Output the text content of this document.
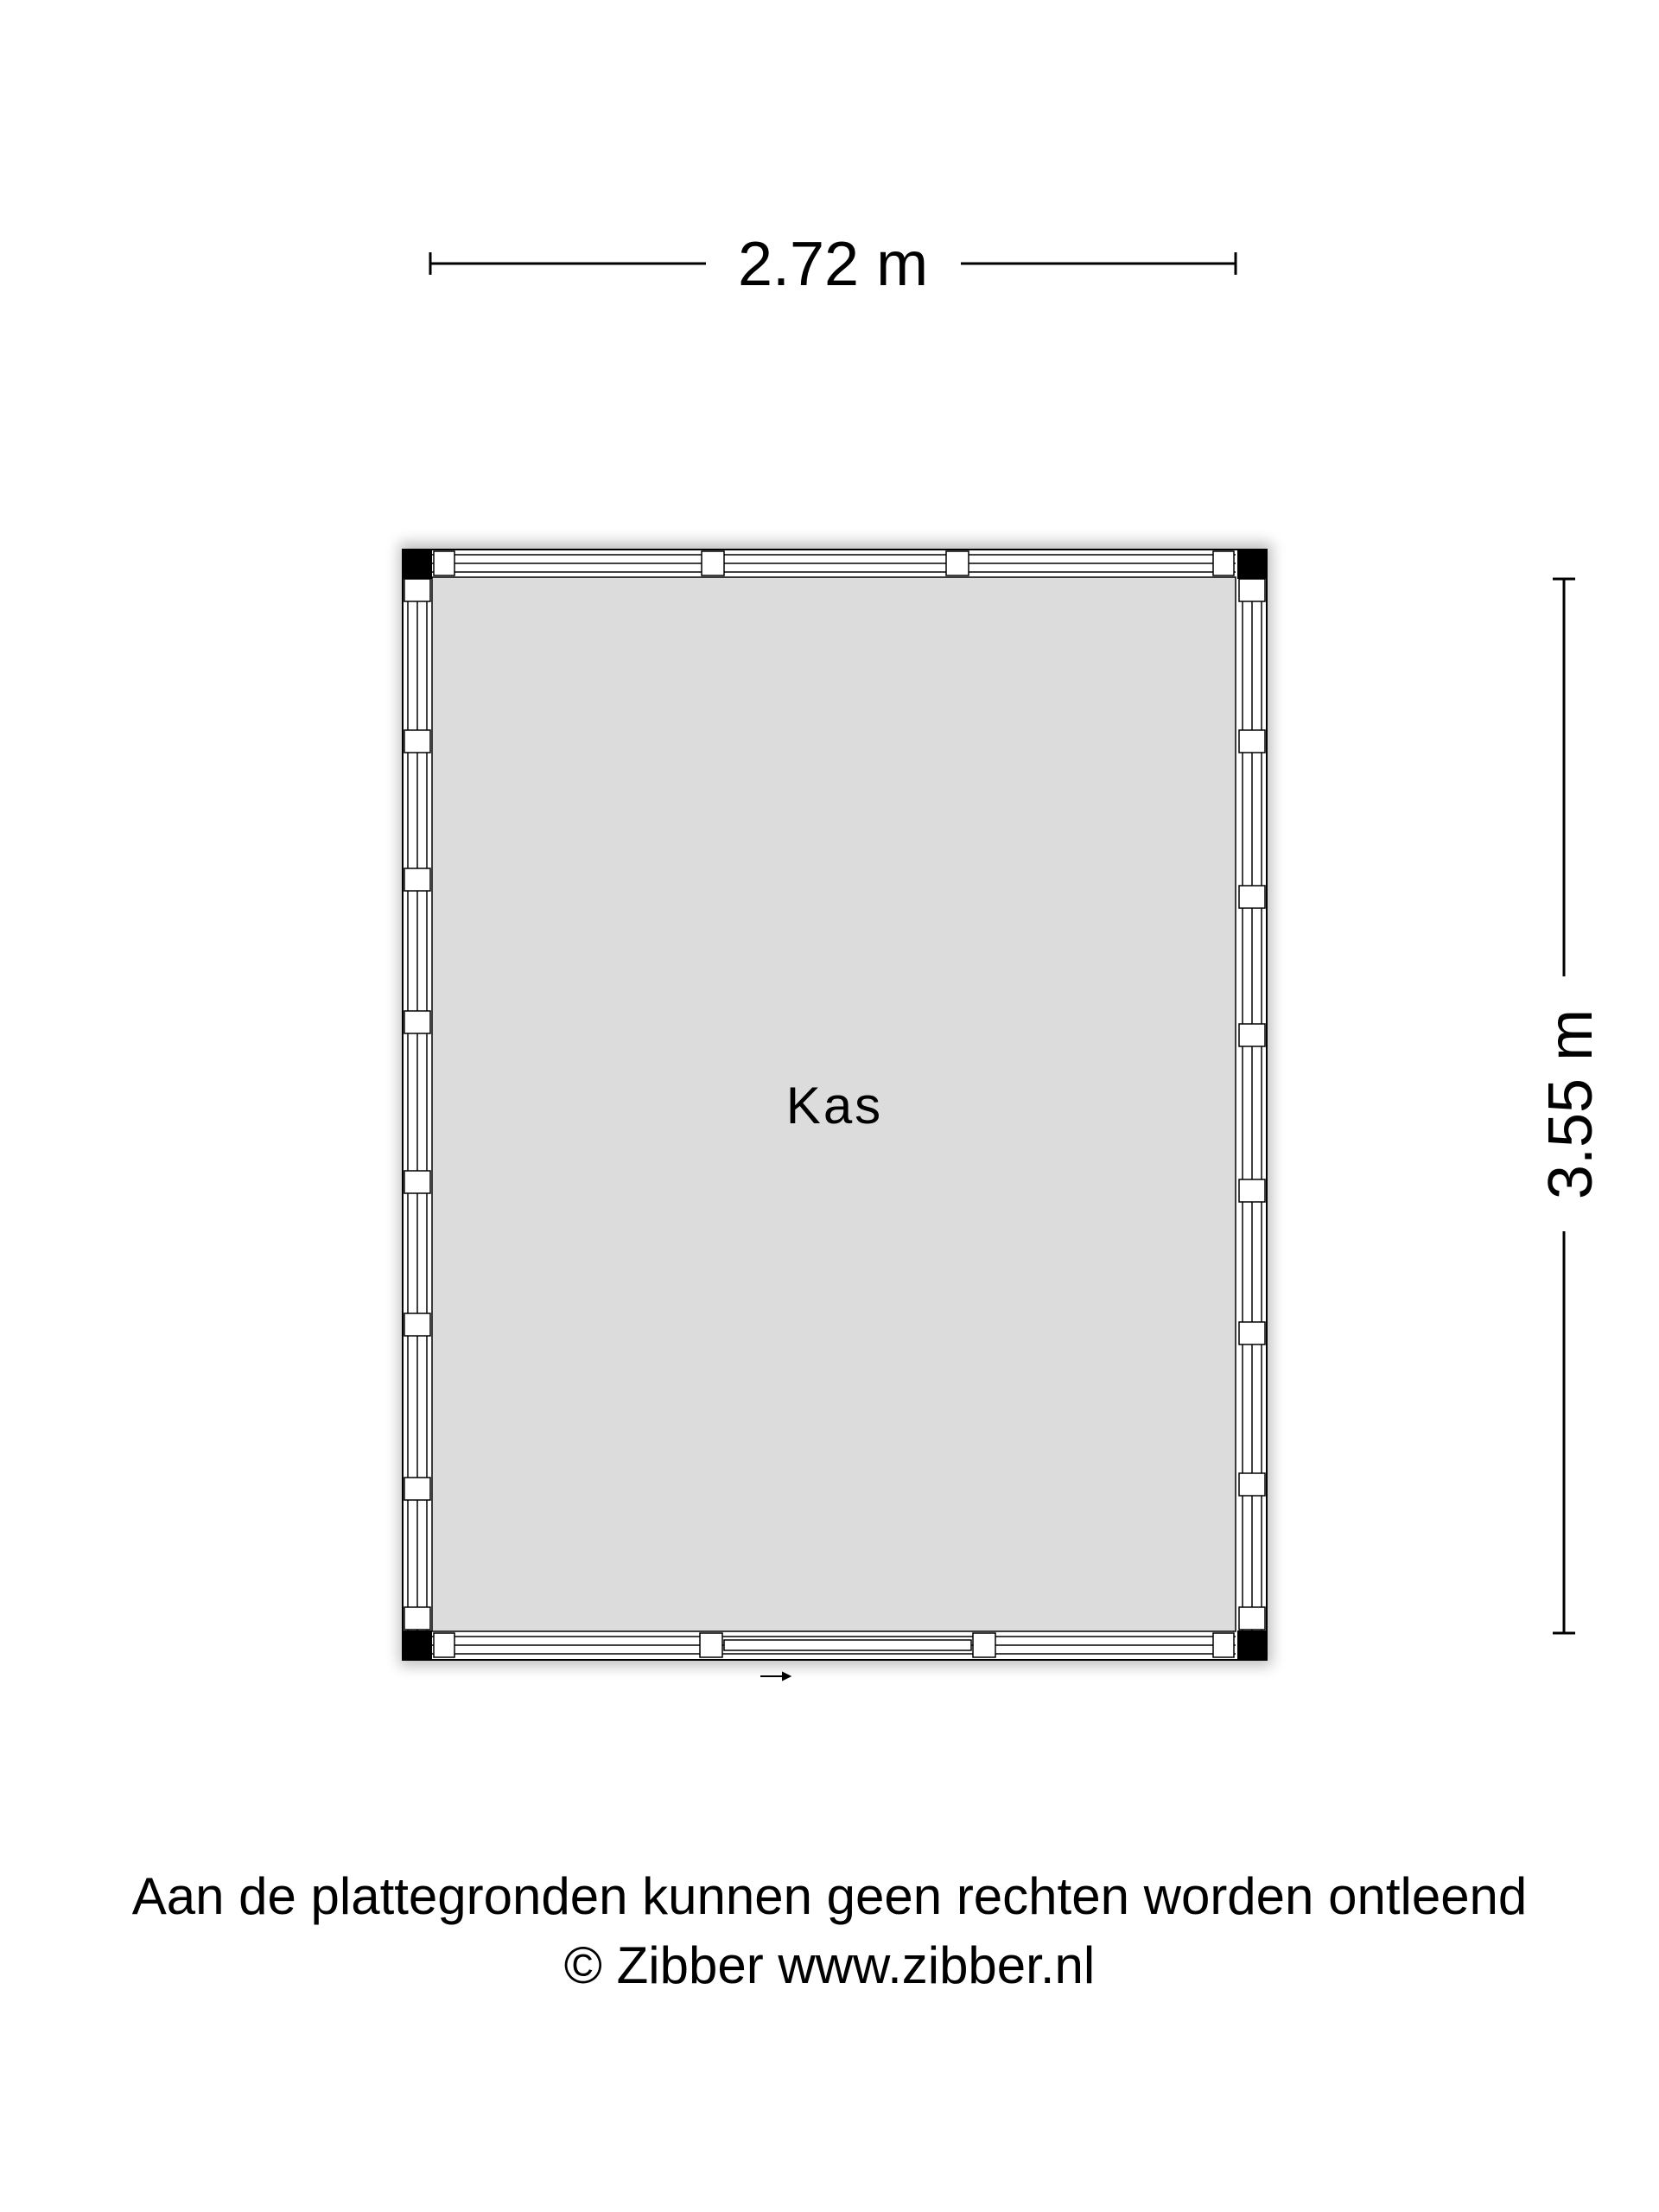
2.72 m
3.55 m
Kas
Aan de plattegronden kunnen geen rechten worden ontleend
© Zibber www.zibber.nl
